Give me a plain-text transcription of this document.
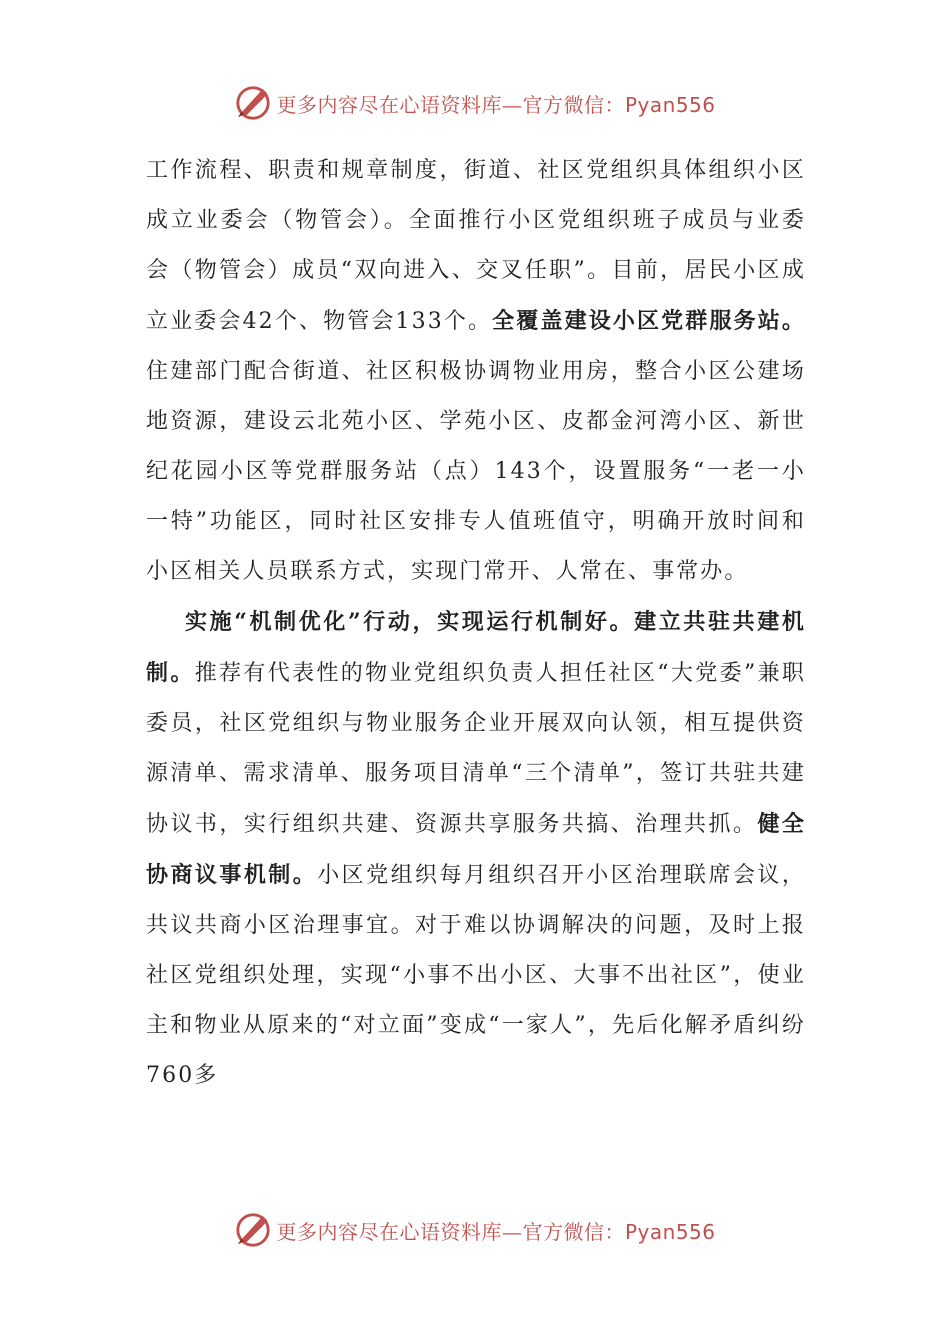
更多内容尽在心语资料库—官方微信：Pyan556

工作流程、职责和规章制度，街道、社区党组织具体组织小区成立业委会（物管会）。全面推行小区党组织班子成员与业委会（物管会）成员“双向进入、交叉任职”。目前，居民小区成立业委会42个、物管会133个。全覆盖建设小区党群服务站。住建部门配合街道、社区积极协调物业用房，整合小区公建场地资源，建设云北苑小区、学苑小区、皮都金河湾小区、新世纪花园小区等党群服务站（点）143个，设置服务“一老一小一特”功能区，同时社区安排专人值班值守，明确开放时间和小区相关人员联系方式，实现门常开、人常在、事常办。

实施“机制优化”行动，实现运行机制好。建立共驻共建机制。推荐有代表性的物业党组织负责人担任社区“大党委”兼职委员，社区党组织与物业服务企业开展双向认领，相互提供资源清单、需求清单、服务项目清单“三个清单”，签订共驻共建协议书，实行组织共建、资源共享服务共搞、治理共抓。健全协商议事机制。小区党组织每月组织召开小区治理联席会议，共议共商小区治理事宜。对于难以协调解决的问题，及时上报社区党组织处理，实现“小事不出小区、大事不出社区”，使业主和物业从原来的“对立面”变成“一家人”，先后化解矛盾纠纷760多

更多内容尽在心语资料库—官方微信：Pyan556
